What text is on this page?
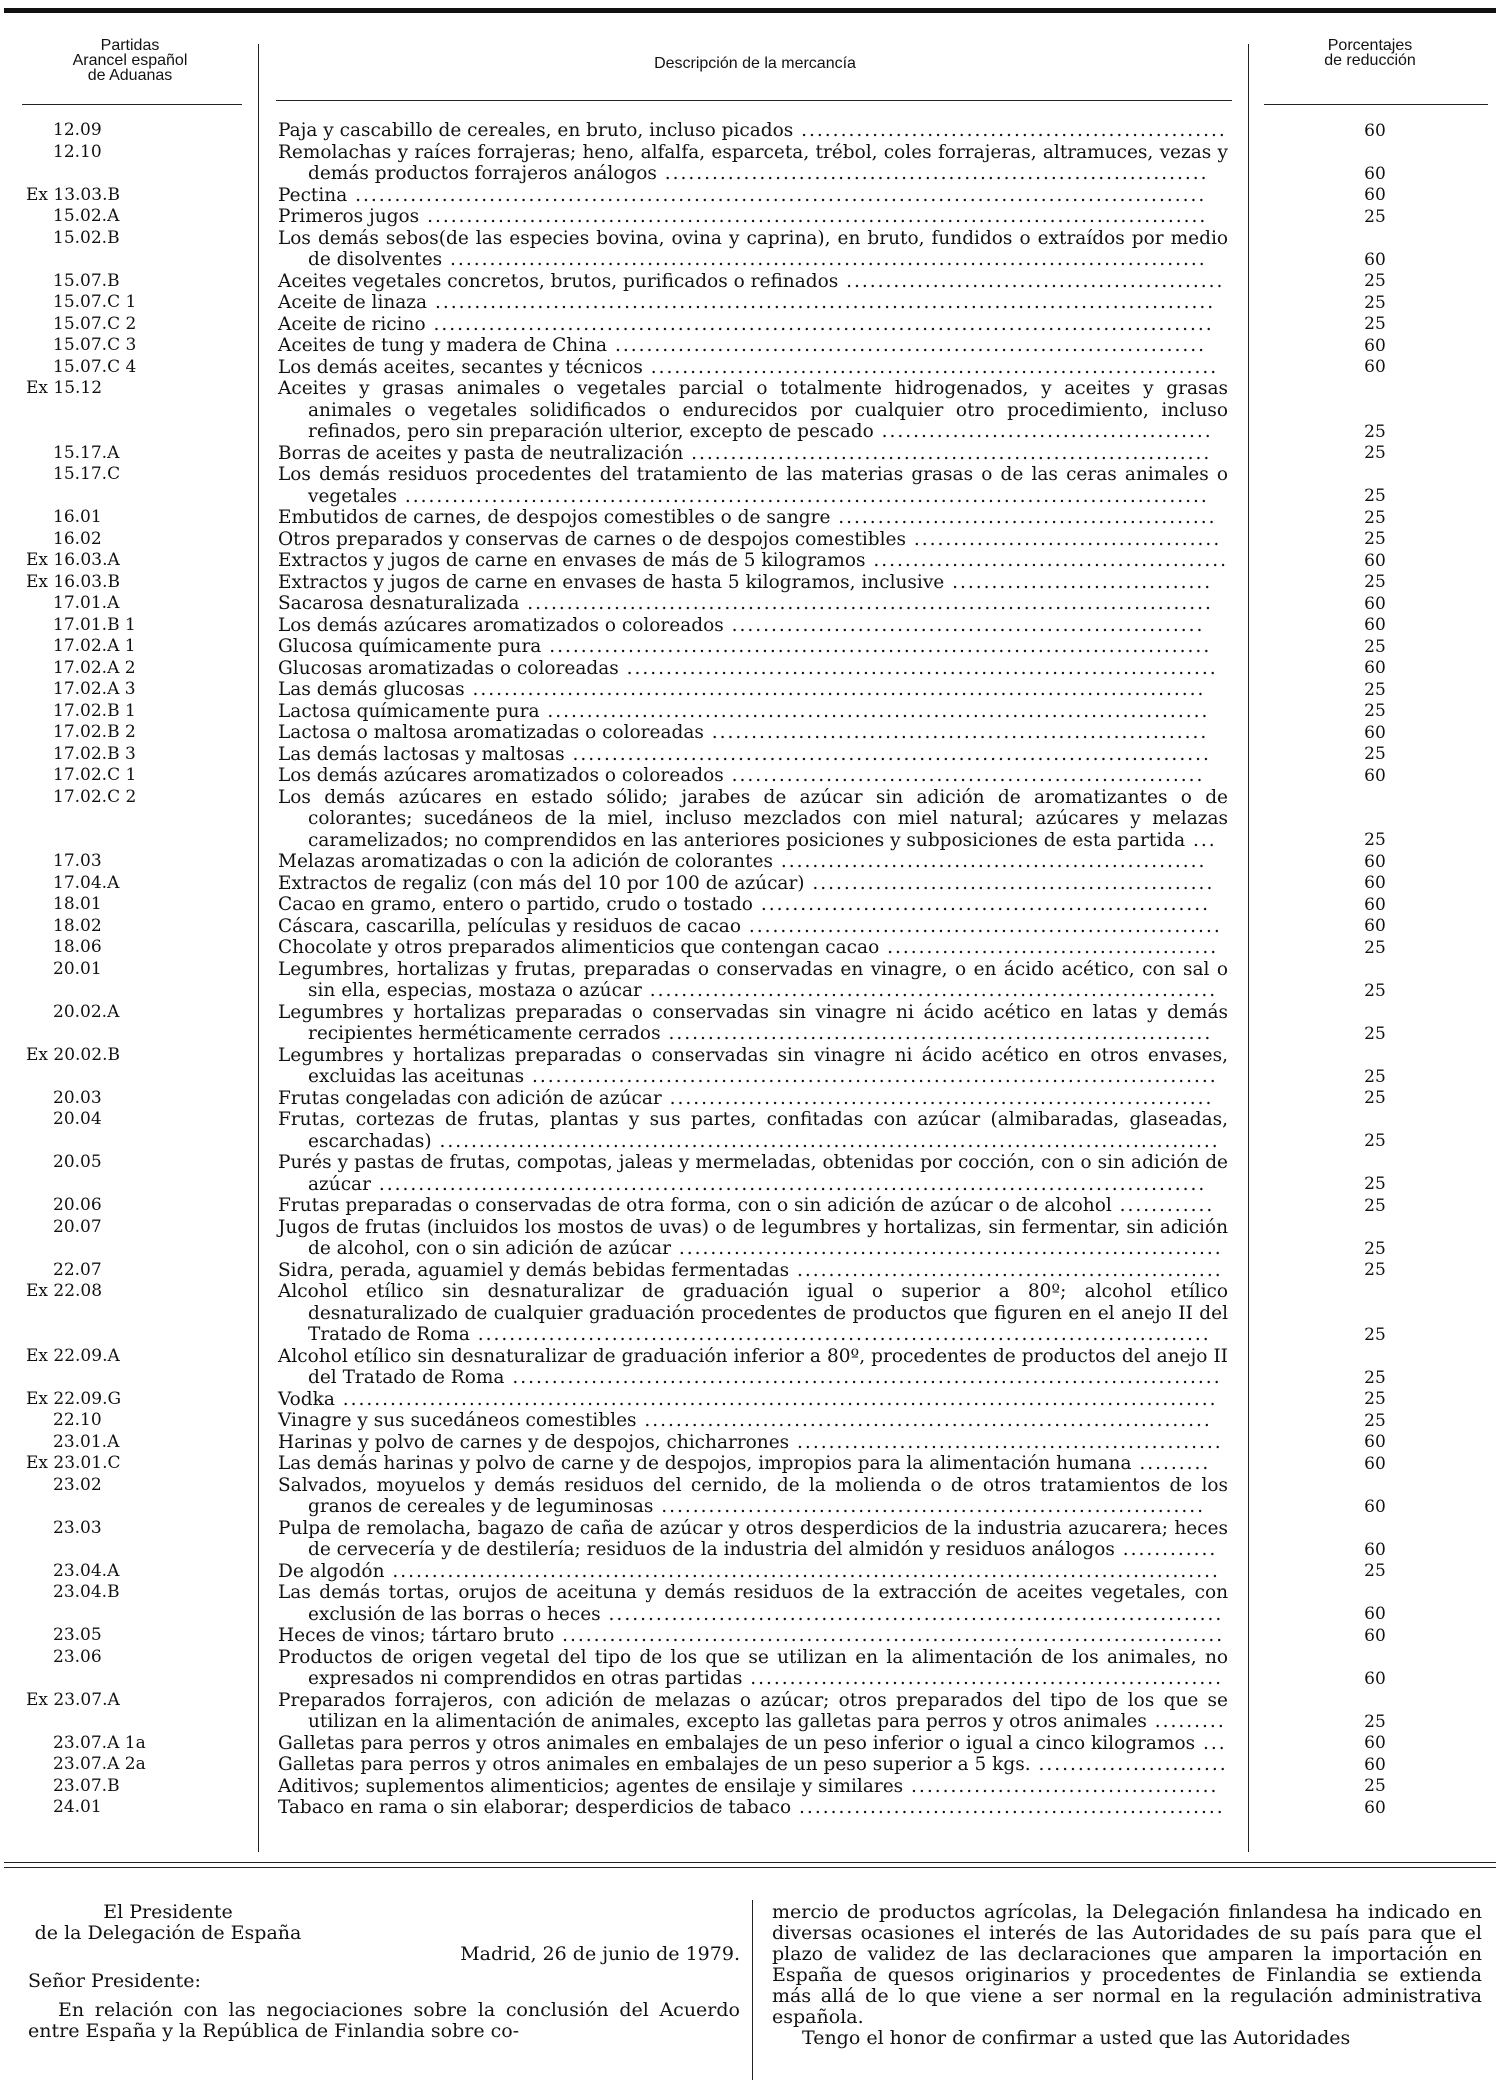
Partidas
Arancel español
de Aduanas
Descripción de la mercancía
Porcentajes
de reducción
12.09	Paja y cascabillo de cereales, en bruto, incluso picados ......................................................	60
12.10	Remolachas y raíces forrajeras; heno, alfalfa, esparceta, trébol, coles forrajeras, altramuces, vezas y demás productos forrajeros análogos .....................................................................	60
Ex 13.03.B	Pectina ............................................................................................................	60
15.02.A	Primeros jugos ...................................................................................................	25
15.02.B	Los demás sebos(de las especies bovina, ovina y caprina), en bruto, fundidos o extraídos por medio de disolventes ................................................................................................	60
15.07.B	Aceites vegetales concretos, brutos, purificados o refinados ................................................	25
15.07.C 1	Aceite de linaza ...................................................................................................	25
15.07.C 2	Aceite de ricino ...................................................................................................	25
15.07.C 3	Aceites de tung y madera de China ...........................................................................	60
15.07.C 4	Los demás aceites, secantes y técnicos ........................................................................	60
Ex 15.12	Aceites y grasas animales o vegetales parcial o totalmente hidrogenados, y aceites y grasas animales o vegetales solidificados o endurecidos por cualquier otro procedimiento, incluso refinados, pero sin preparación ulterior, excepto de pescado ..........................................	25
15.17.A	Borras de aceites y pasta de neutralización ..................................................................	25
15.17.C	Los demás residuos procedentes del tratamiento de las materias grasas o de las ceras animales o vegetales ......................................................................................................	25
16.01	Embutidos de carnes, de despojos comestibles o de sangre ................................................	25
16.02	Otros preparados y conservas de carnes o de despojos comestibles .......................................	25
Ex 16.03.A	Extractos y jugos de carne en envases de más de 5 kilogramos .............................................	60
Ex 16.03.B	Extractos y jugos de carne en envases de hasta 5 kilogramos, inclusive .................................	25
17.01.A	Sacarosa desnaturalizada .......................................................................................	60
17.01.B 1	Los demás azúcares aromatizados o coloreados ............................................................	60
17.02.A 1	Glucosa químicamente pura ....................................................................................	25
17.02.A 2	Glucosas aromatizadas o coloreadas ...........................................................................	60
17.02.A 3	Las demás glucosas .............................................................................................	25
17.02.B 1	Lactosa químicamente pura ....................................................................................	25
17.02.B 2	Lactosa o maltosa aromatizadas o coloreadas ...............................................................	60
17.02.B 3	Las demás lactosas y maltosas .................................................................................	25
17.02.C 1	Los demás azúcares aromatizados o coloreados ............................................................	60
17.02.C 2	Los demás azúcares en estado sólido; jarabes de azúcar sin adición de aromatizantes o de colorantes; sucedáneos de la miel, incluso mezclados con miel natural; azúcares y melazas caramelizados; no comprendidos en las anteriores posiciones y subposiciones de esta partida ...	25
17.03	Melazas aromatizadas o con la adición de colorantes ......................................................	60
17.04.A	Extractos de regaliz (con más del 10 por 100 de azúcar) ...................................................	60
18.01	Cacao en gramo, entero o partido, crudo o tostado .........................................................	60
18.02	Cáscara, cascarilla, películas y residuos de cacao ............................................................	60
18.06	Chocolate y otros preparados alimenticios que contengan cacao ..........................................	25
20.01	Legumbres, hortalizas y frutas, preparadas o conservadas en vinagre, o en ácido acético, con sal o sin ella, especias, mostaza o azúcar ........................................................................	25
20.02.A	Legumbres y hortalizas preparadas o conservadas sin vinagre ni ácido acético en latas y demás recipientes herméticamente cerrados .....................................................................	25
Ex 20.02.B	Legumbres y hortalizas preparadas o conservadas sin vinagre ni ácido acético en otros envases, excluidas las aceitunas .......................................................................................	25
20.03	Frutas congeladas con adición de azúcar .....................................................................	25
20.04	Frutas, cortezas de frutas, plantas y sus partes, confitadas con azúcar (almibaradas, glaseadas, escarchadas) ...................................................................................................	25
20.05	Purés y pastas de frutas, compotas, jaleas y mermeladas, obtenidas por cocción, con o sin adición de azúcar .........................................................................................................	25
20.06	Frutas preparadas o conservadas de otra forma, con o sin adición de azúcar o de alcohol ............	25
20.07	Jugos de frutas (incluidos los mostos de uvas) o de legumbres y hortalizas, sin fermentar, sin adición de alcohol, con o sin adición de azúcar .....................................................................	25
22.07	Sidra, perada, aguamiel y demás bebidas fermentadas ......................................................	25
Ex 22.08	Alcohol etílico sin desnaturalizar de graduación igual o superior a 80º; alcohol etílico desnaturalizado de cualquier graduación procedentes de productos que figuren en el anejo II del Tratado de Roma .............................................................................................	25
Ex 22.09.A	Alcohol etílico sin desnaturalizar de graduación inferior a 80º, procedentes de productos del anejo II del Tratado de Roma ..........................................................................................	25
Ex 22.09.G	Vodka ...............................................................................................................	25
22.10	Vinagre y sus sucedáneos comestibles ........................................................................	25
23.01.A	Harinas y polvo de carnes y de despojos, chicharrones ......................................................	60
Ex 23.01.C	Las demás harinas y polvo de carne y de despojos, impropios para la alimentación humana .........	60
23.02	Salvados, moyuelos y demás residuos del cernido, de la molienda o de otros tratamientos de los granos de cereales y de leguminosas .....................................................................	60
23.03	Pulpa de remolacha, bagazo de caña de azúcar y otros desperdicios de la industria azucarera; heces de cervecería y de destilería; residuos de la industria del almidón y residuos análogos ............	60
23.04.A	De algodón .........................................................................................................	25
23.04.B	Las demás tortas, orujos de aceituna y demás residuos de la extracción de aceites vegetales, con exclusión de las borras o heces ..............................................................................	60
23.05	Heces de vinos; tártaro bruto ....................................................................................	60
23.06	Productos de origen vegetal del tipo de los que se utilizan en la alimentación de los animales, no expresados ni comprendidos en otras partidas ............................................................	60
Ex 23.07.A	Preparados forrajeros, con adición de melazas o azúcar; otros preparados del tipo de los que se utilizan en la alimentación de animales, excepto las galletas para perros y otros animales .........	25
23.07.A 1a	Galletas para perros y otros animales en embalajes de un peso inferior o igual a cinco kilogramos ...	60
23.07.A 2a	Galletas para perros y otros animales en embalajes de un peso superior a 5 kgs. ........................	60
23.07.B	Aditivos; suplementos alimenticios; agentes de ensilaje y similares .......................................	25
24.01	Tabaco en rama o sin elaborar; desperdicios de tabaco ......................................................	60
El Presidente
de la Delegación de España

Madrid, 26 de junio de 1979.

Señor Presidente:

En relación con las negociaciones sobre la conclusión del Acuerdo entre España y la República de Finlandia sobre co-

mercio de productos agrícolas, la Delegación finlandesa ha indicado en diversas ocasiones el interés de las Autoridades de su país para que el plazo de validez de las declaraciones que amparen la importación en España de quesos originarios y procedentes de Finlandia se extienda más allá de lo que viene a ser normal en la regulación administrativa española.

Tengo el honor de confirmar a usted que las Autoridades
